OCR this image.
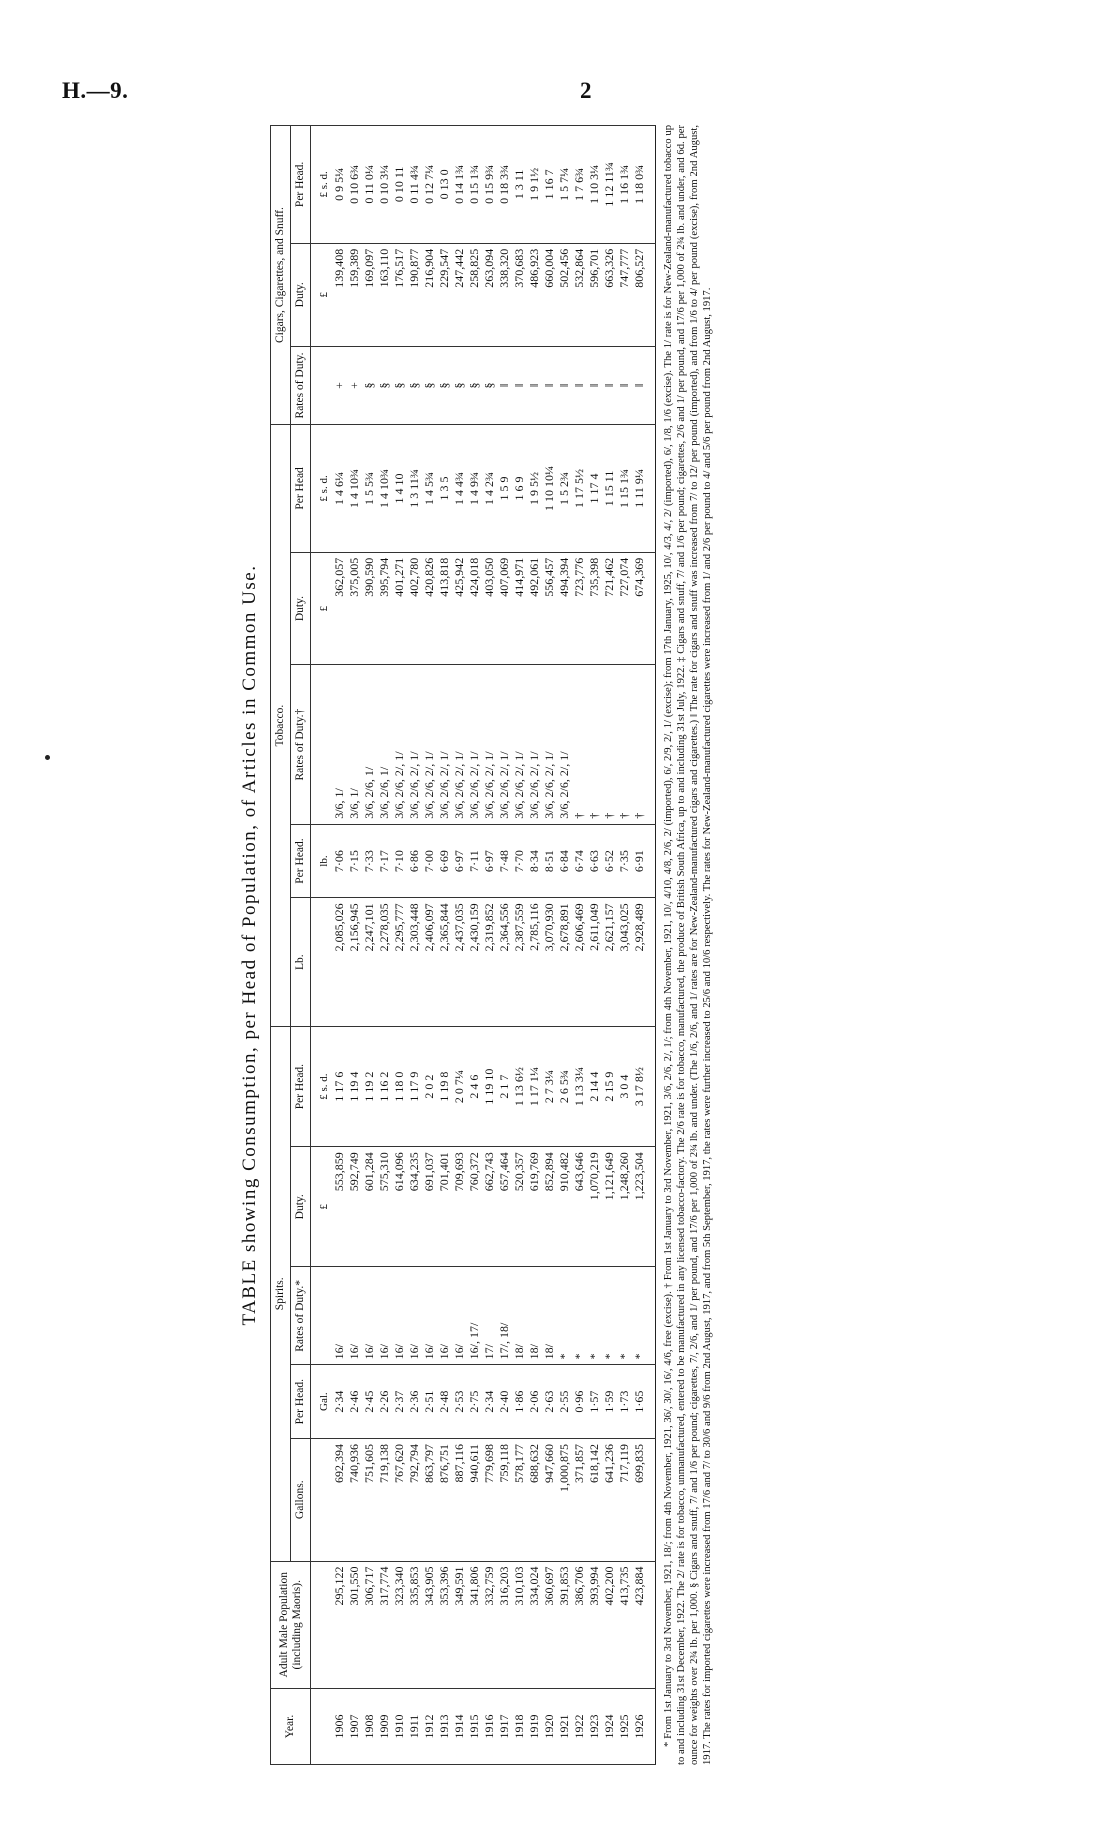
H.—9.	2
TABLE showing Consumption, per Head of Population, of Articles in Common Use.
Year.	Adult Male Population (including Maoris).	Spirits.					Tobacco.					Cigars, Cigarettes, and Snuff.		
		Gallons.	Per Head.	Rates of Duty.*	Duty.	Per Head.	Lb.	Per Head.	Rates of Duty.†	Duty.	Per Head	Rates of Duty.	Duty.	Per Head.
			Gal.		£	£ s. d.		lb.		£	£ s. d.		£	£ s. d.
1906	295,122	692,394	2·34	16/	553,859	1 17 6	2,085,026	7·06	3/6, 1/	362,057	1 4 6¼	+	139,408	0 9 5¼
1907	301,550	740,936	2·46	16/	592,749	1 19 4	2,156,945	7·15	3/6, 1/	375,005	1 4 10¾	+	159,389	0 10 6¾
1908	306,717	751,605	2·45	16/	601,284	1 19 2	2,247,101	7·33	3/6, 2/6, 1/	390,590	1 5 5¾	§	169,097	0 11 0¼
1909	317,774	719,138	2·26	16/	575,310	1 16 2	2,278,035	7·17	3/6, 2/6, 1/	395,794	1 4 10¾	§	163,110	0 10 3¼
1910	323,340	767,620	2·37	16/	614,096	1 18 0	2,295,777	7·10	3/6, 2/6, 2/, 1/	401,271	1 4 10	§	176,517	0 10 11
1911	335,853	792,794	2·36	16/	634,235	1 17 9	2,303,448	6·86	3/6, 2/6, 2/, 1/	402,780	1 3 11¾	§	190,877	0 11 4¾
1912	343,905	863,797	2·51	16/	691,037	2 0 2	2,406,097	7·00	3/6, 2/6, 2/, 1/	420,826	1 4 5¾	§	216,904	0 12 7¼
1913	353,396	876,751	2·48	16/	701,401	1 19 8	2,365,844	6·69	3/6, 2/6, 2/, 1/	413,818	1 3 5	§	229,547	0 13 0
1914	349,591	887,116	2·53	16/	709,693	2 0 7¼	2,437,035	6·97	3/6, 2/6, 2/, 1/	425,942	1 4 4¾	§	247,442	0 14 1¾
1915	341,806	940,611	2·75	16/, 17/	760,372	2 4 6	2,430,159	7·11	3/6, 2/6, 2/, 1/	424,018	1 4 9¾	§	258,825	0 15 1¾
1916	332,759	779,698	2·34	17/	662,743	1 19 10	2,319,852	6·97	3/6, 2/6, 2/, 1/	403,050	1 4 2¾	§	263,094	0 15 9¾
1917	316,203	759,118	2·40	17/, 18/	657,464	2 1 7	2,364,556	7·48	3/6, 2/6, 2/, 1/	407,069	1 5 9	‖	338,320	0 18 3¾
1918	310,103	578,177	1·86	18/	520,357	1 13 6½	2,387,559	7·70	3/6, 2/6, 2/, 1/	414,971	1 6 9	‖	370,683	1 3 11
1919	334,024	688,632	2·06	18/	619,769	1 17 1¼	2,785,116	8·34	3/6, 2/6, 2/, 1/	492,061	1 9 5½	‖	486,923	1 9 1½
1920	360,697	947,660	2·63	18/	852,894	2 7 3¼	3,070,930	8·51	3/6, 2/6, 2/, 1/	556,457	1 10 10¼	‖	660,004	1 16 7
1921	391,853	1,000,875	2·55	*	910,482	2 6 5¾	2,678,891	6·84	3/6, 2/6, 2/, 1/	494,394	1 5 2¾	‖	502,456	1 5 7¼
1922	386,706	371,857	0·96	*	643,646	1 13 3¼	2,606,469	6·74	†	723,776	1 17 5½	‖	532,864	1 7 6¾
1923	393,994	618,142	1·57	*	1,070,219	2 14 4	2,611,049	6·63	†	735,398	1 17 4	‖	596,701	1 10 3¼
1924	402,200	641,236	1·59	*	1,121,649	2 15 9	2,621,157	6·52	†	721,462	1 15 11	‖	663,326	1 12 11¾
1925	413,735	717,119	1·73	*	1,248,260	3 0 4	3,043,025	7·35	†	727,074	1 15 1¾	‖	747,777	1 16 1¾
1926	423,884	699,835	1·65	*	1,223,504	3 17 8½	2,928,489	6·91	†	674,369	1 11 9¼	‖	806,527	1 18 0¾ * From 1st January to 3rd November, 1921, 18/; from 4th November, 1921, 36/, 30/, 16/, 4/6, free (excise). † From 1st January to 3rd November, 1921, 3/6, 2/6, 2/, 1/; from 4th November, 1921, 10/, 4/10, 4/8, 2/6, 2/ (imported), 6/, 2/9, 2/, 1/ (excise); from 17th January, 1925, 10/, 4/3, 4/, 2/ (imported), 6/, 1/8, 1/6 (excise). The 1/ rate is for New-Zealand-manufactured tobacco up to and including 31st December, 1922. The 2/ rate is for tobacco, unmanufactured, entered to be manufactured in any licensed tobacco-factory. The 2/6 rate is for tobacco, manufactured, the produce of British South Africa, up to and including 31st July, 1922. ‡ Cigars and snuff, 7/ and 1/6 per pound; cigarettes, 2/6 and 1/ per pound, and 17/6 per 1,000 of 2¾ lb. and under, and 6d. per ounce for weights over 2¾ lb. per 1,000. § Cigars and snuff, 7/ and 1/6 per pound; cigarettes, 7/, 2/6, and 1/ per pound, and 17/6 per 1,000 of 2¾ lb. and under. (The 1/6, 2/6, and 1/ rates are for New-Zealand-manufactured cigars and cigarettes.) ‖ The rate for cigars and snuff was increased from 7/ to 12/ per pound (imported), and from 1/6 to 4/ per pound (excise), from 2nd August, 1917. The rates for imported cigarettes were increased from 17/6 and 7/ to 30/6 and 9/6 from 2nd August, 1917, and from 5th September, 1917, the rates were further increased to 25/6 and 10/6 respectively. The rates for New-Zealand-manufactured cigarettes were increased from 1/ and 2/6 per pound to 4/ and 5/6 per pound from 2nd August, 1917.
